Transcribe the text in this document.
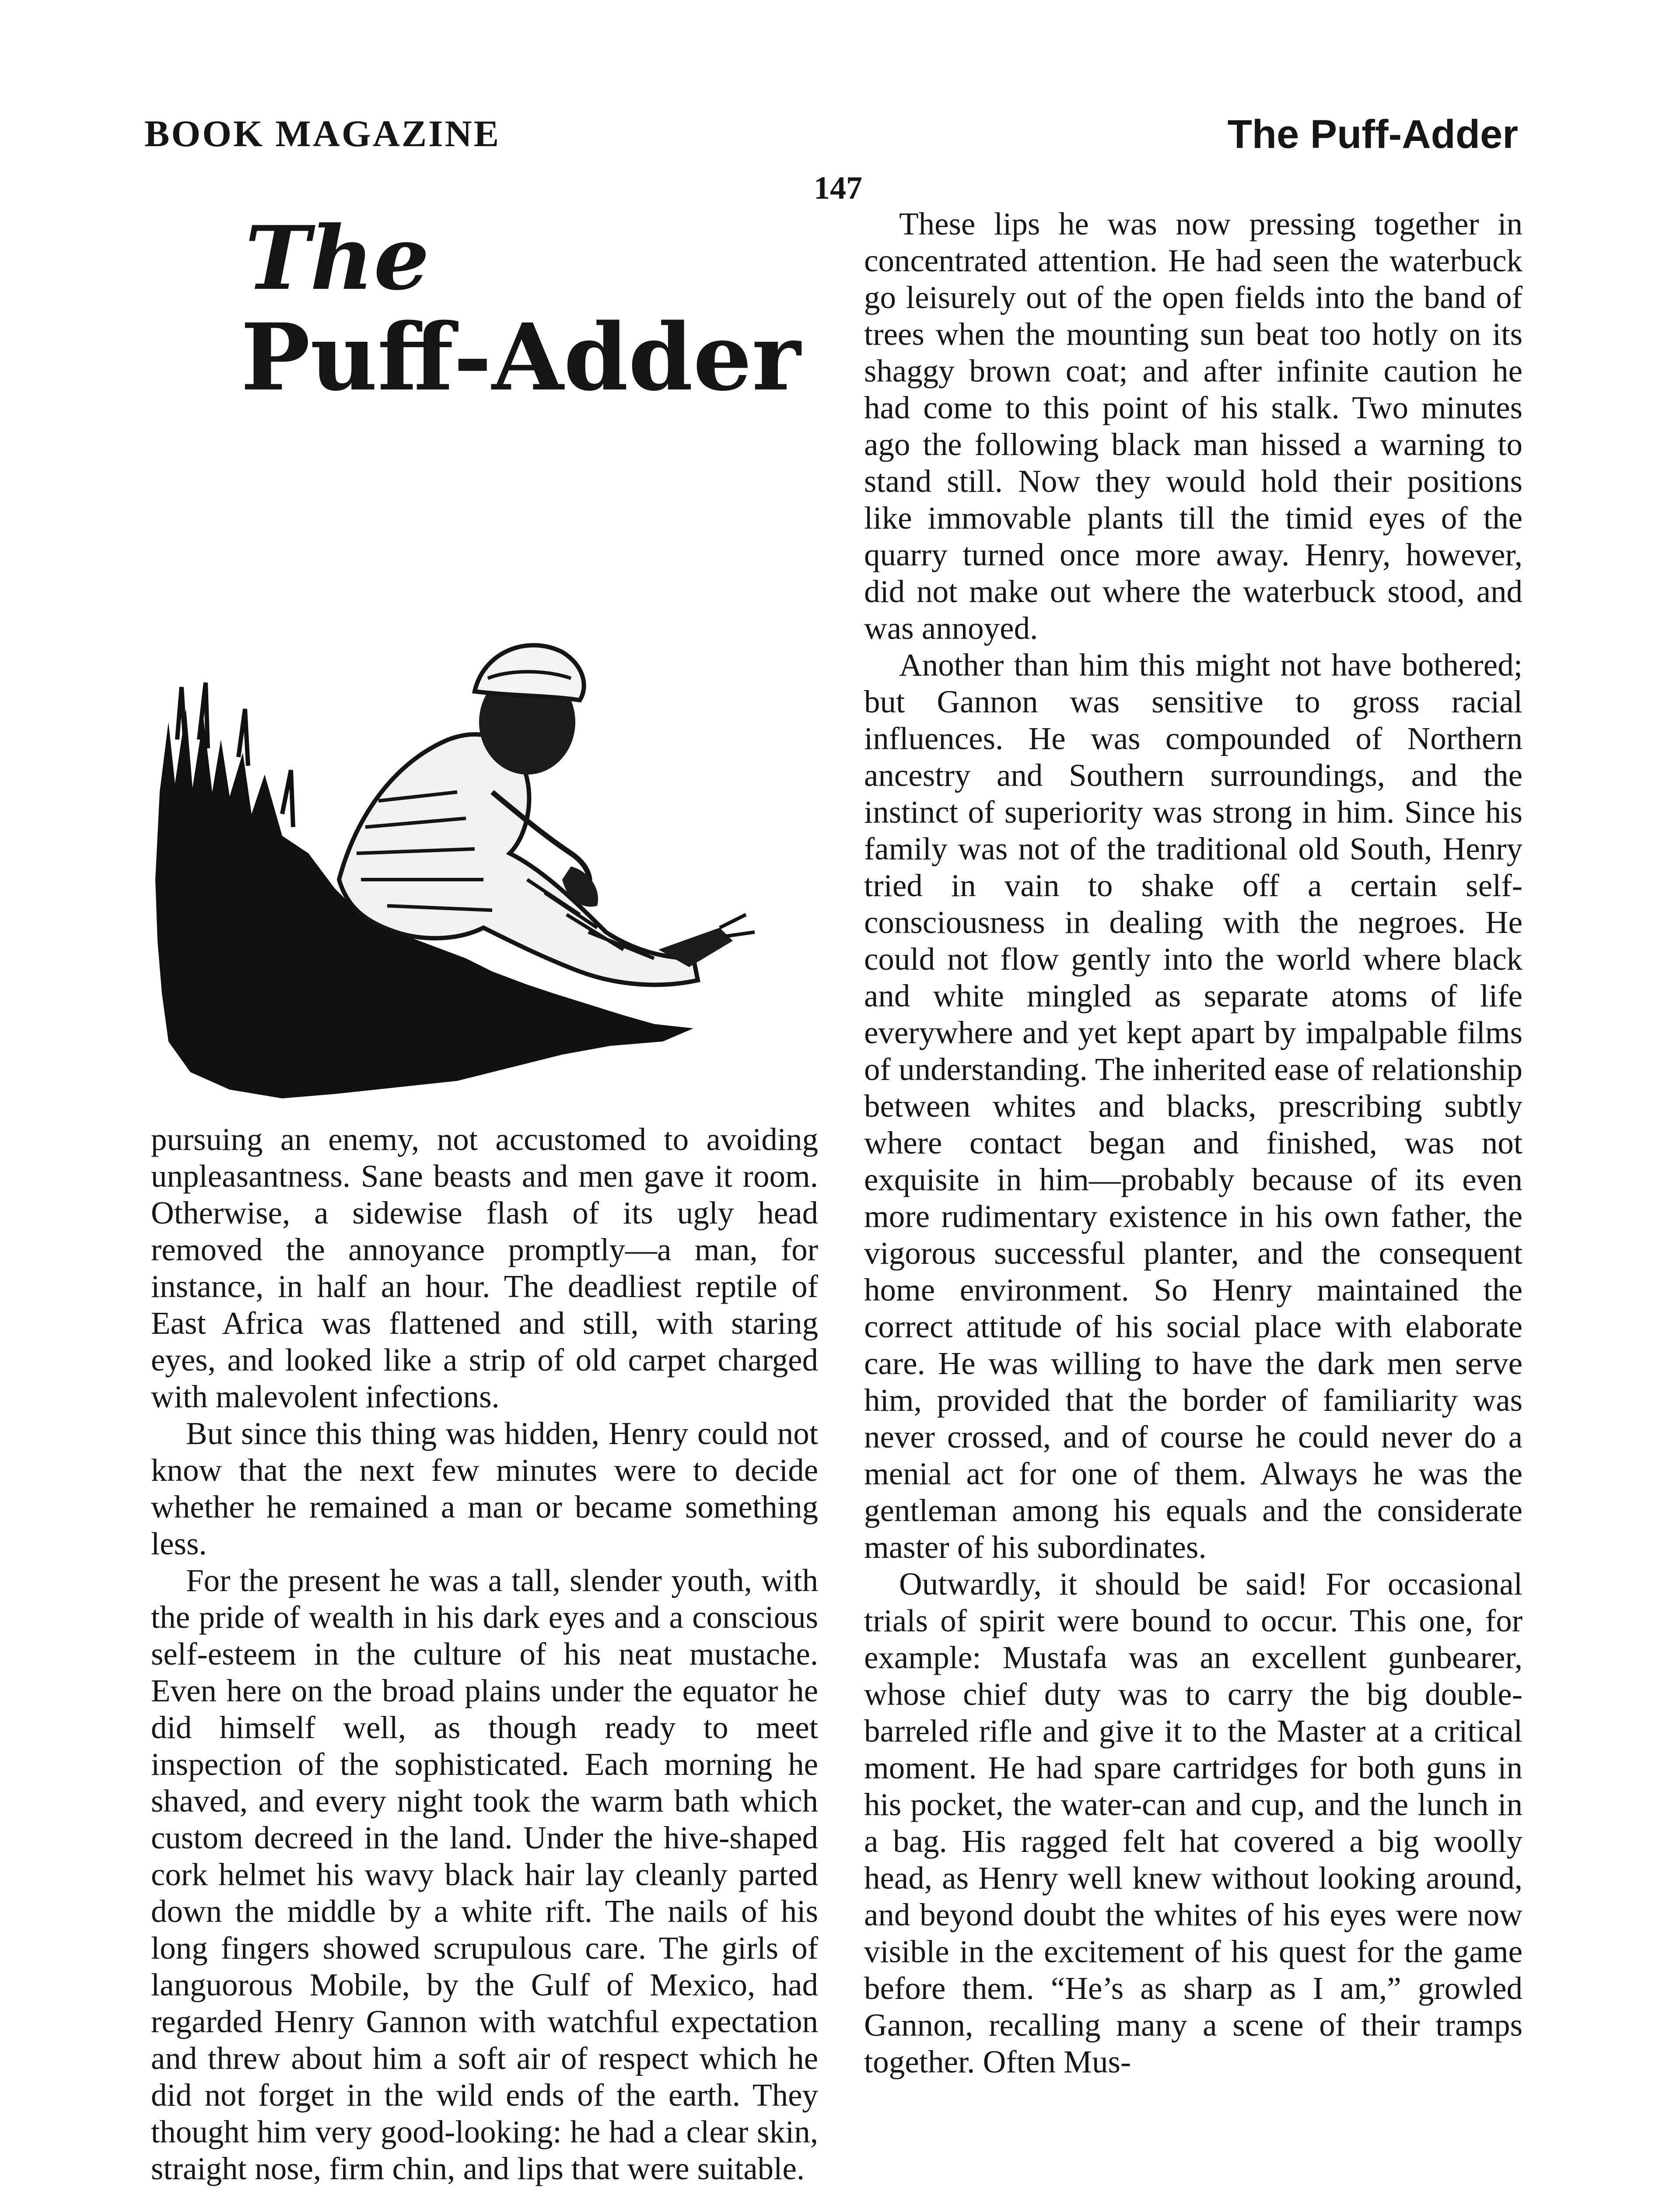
BOOK MAGAZINE	The Puff-Adder
147
The
Puff-Adder

pursuing an enemy, not accustomed to avoiding unpleasantness. Sane beasts and men gave it room. Otherwise, a sidewise flash of its ugly head removed the annoyance promptly—a man, for instance, in half an hour. The deadliest reptile of East Africa was flattened and still, with staring eyes, and looked like a strip of old carpet charged with malevolent infections.

But since this thing was hidden, Henry could not know that the next few minutes were to decide whether he remained a man or became something less.

For the present he was a tall, slender youth, with the pride of wealth in his dark eyes and a conscious self-esteem in the culture of his neat mustache. Even here on the broad plains under the equator he did himself well, as though ready to meet inspection of the sophisticated. Each morning he shaved, and every night took the warm bath which custom decreed in the land. Under the hive-shaped cork helmet his wavy black hair lay cleanly parted down the middle by a white rift. The nails of his long fingers showed scrupulous care. The girls of languorous Mobile, by the Gulf of Mexico, had regarded Henry Gannon with watchful expectation and threw about him a soft air of respect which he did not forget in the wild ends of the earth. They thought him very good-looking: he had a clear skin, straight nose, firm chin, and lips that were suitable.

These lips he was now pressing together in concentrated attention. He had seen the waterbuck go leisurely out of the open fields into the band of trees when the mounting sun beat too hotly on its shaggy brown coat; and after infinite caution he had come to this point of his stalk. Two minutes ago the following black man hissed a warning to stand still. Now they would hold their positions like immovable plants till the timid eyes of the quarry turned once more away. Henry, however, did not make out where the waterbuck stood, and was annoyed.

Another than him this might not have bothered; but Gannon was sensitive to gross racial influences. He was compounded of Northern ancestry and Southern surroundings, and the instinct of superiority was strong in him. Since his family was not of the traditional old South, Henry tried in vain to shake off a certain self-consciousness in dealing with the negroes. He could not flow gently into the world where black and white mingled as separate atoms of life everywhere and yet kept apart by impalpable films of understanding. The inherited ease of relationship between whites and blacks, prescribing subtly where contact began and finished, was not exquisite in him—probably because of its even more rudimentary existence in his own father, the vigorous successful planter, and the consequent home environment. So Henry maintained the correct attitude of his social place with elaborate care. He was willing to have the dark men serve him, provided that the border of familiarity was never crossed, and of course he could never do a menial act for one of them. Always he was the gentleman among his equals and the considerate master of his subordinates.

Outwardly, it should be said! For occasional trials of spirit were bound to occur. This one, for example: Mustafa was an excellent gunbearer, whose chief duty was to carry the big double-barreled rifle and give it to the Master at a critical moment. He had spare cartridges for both guns in his pocket, the water-can and cup, and the lunch in a bag. His ragged felt hat covered a big woolly head, as Henry well knew without looking around, and beyond doubt the whites of his eyes were now visible in the excitement of his quest for the game before them. “He’s as sharp as I am,” growled Gannon, recalling many a scene of their tramps together. Often Mus-
